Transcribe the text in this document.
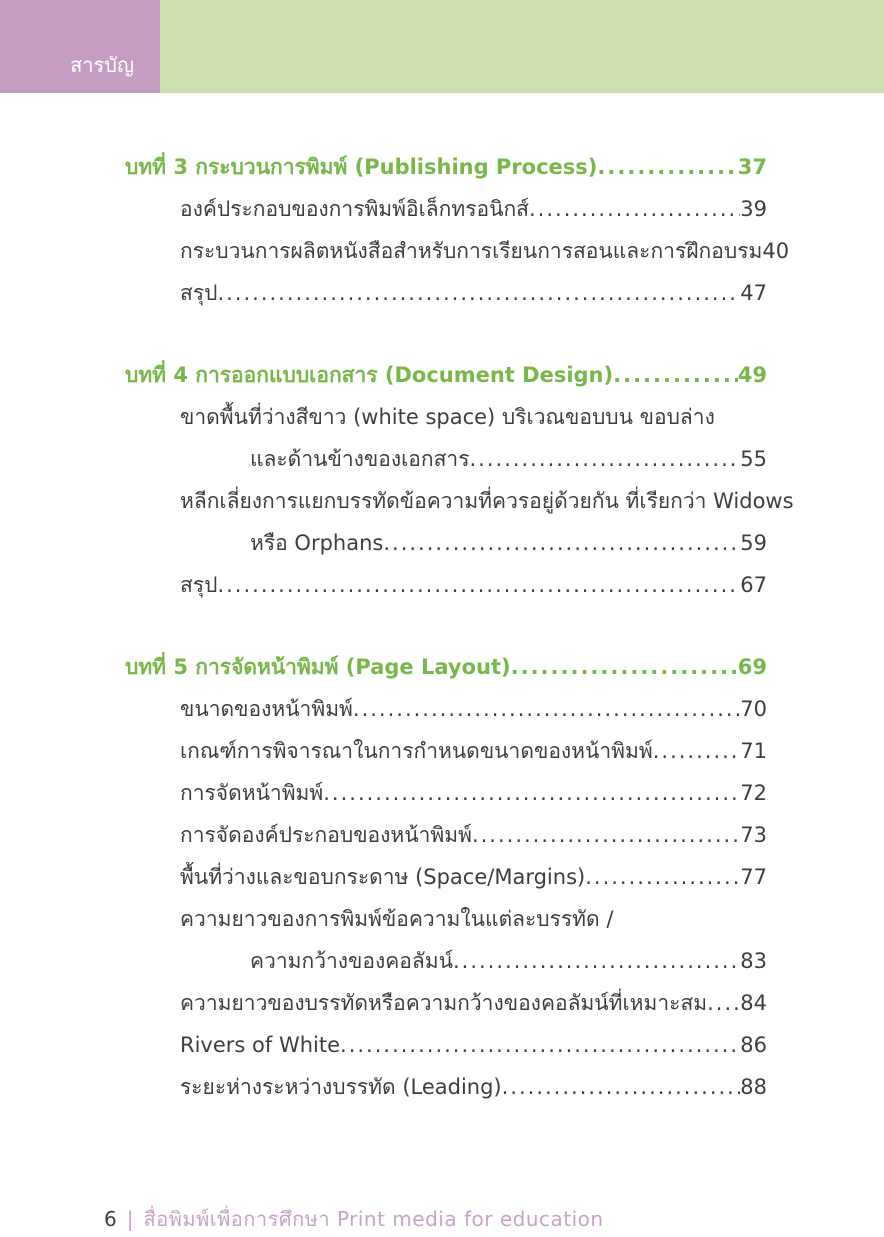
สารบัญ
บทที่ 3 กระบวนการพิมพ์ (Publishing Process) .....	37
องค์ประกอบของการพิมพ์อิเล็กทรอนิกส์ .....	39
กระบวนการผลิตหนังสือสำหรับการเรียนการสอนและการฝึกอบรม 40
สรุป .....	47
บทที่ 4 การออกแบบเอกสาร (Document Design) .....	49
ขาดพื้นที่ว่างสีขาว (white space) บริเวณขอบบน ขอบล่าง
และด้านข้างของเอกสาร .....	55
หลีกเลี่ยงการแยกบรรทัดข้อความที่ควรอยู่ด้วยกัน ที่เรียกว่า Widows
หรือ Orphans .....	59
สรุป .....	67
บทที่ 5 การจัดหน้าพิมพ์ (Page Layout) .....	69
ขนาดของหน้าพิมพ์ .....	70
เกณฑ์การพิจารณาในการกำหนดขนาดของหน้าพิมพ์ .....	71
การจัดหน้าพิมพ์ .....	72
การจัดองค์ประกอบของหน้าพิมพ์ .....	73
พื้นที่ว่างและขอบกระดาษ (Space/Margins) .....	77
ความยาวของการพิมพ์ข้อความในแต่ละบรรทัด /
ความกว้างของคอลัมน์ .....	83
ความยาวของบรรทัดหรือความกว้างของคอลัมน์ที่เหมาะสม ..... 84
Rivers of White .....	86
ระยะห่างระหว่างบรรทัด (Leading) .....	88
6 | สื่อพิมพ์เพื่อการศึกษา Print media for education
